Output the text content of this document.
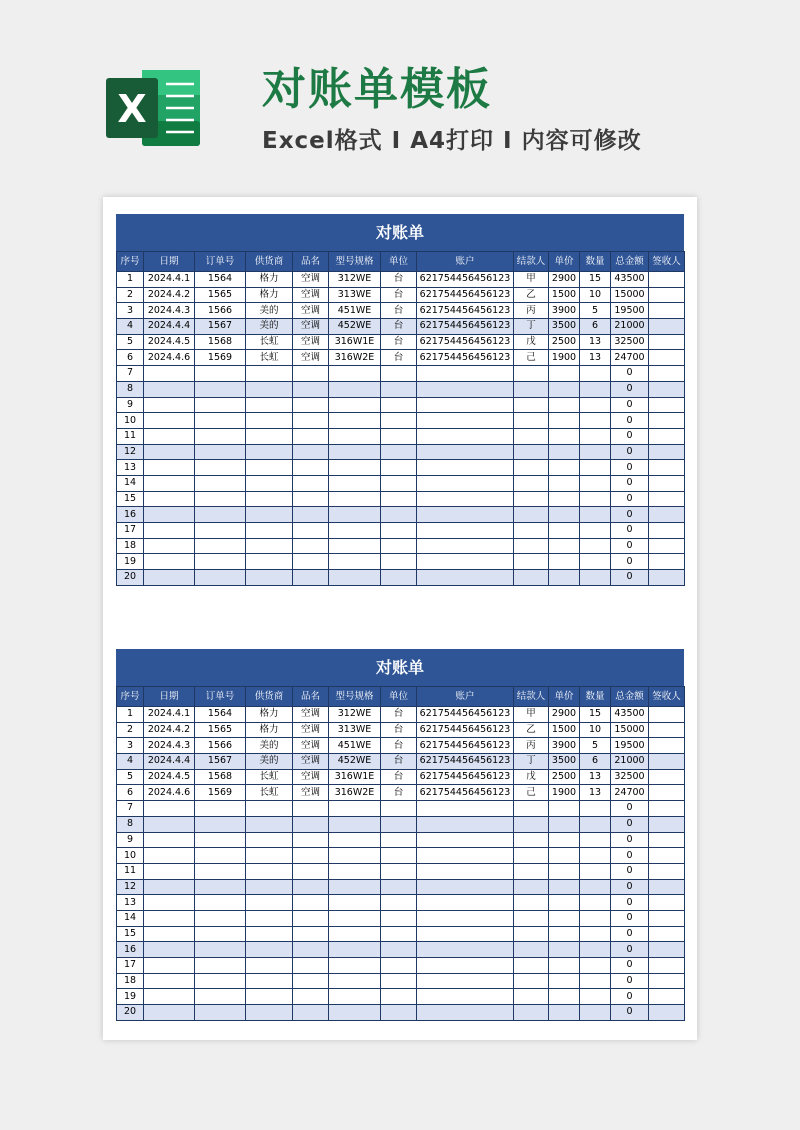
X	对账单模板

Excel格式 I A4打印 I 内容可修改

对账单
序号	日期	订单号	供货商	品名	型号规格	单位	账户	结款人	单价	数量	总金额	签收人
1	2024.4.1	1564	格力	空调	312WE	台	621754456456123	甲	2900	15	43500	
2	2024.4.2	1565	格力	空调	313WE	台	621754456456123	乙	1500	10	15000	
3	2024.4.3	1566	美的	空调	451WE	台	621754456456123	丙	3900	5	19500	
4	2024.4.4	1567	美的	空调	452WE	台	621754456456123	丁	3500	6	21000	
5	2024.4.5	1568	长虹	空调	316W1E	台	621754456456123	戊	2500	13	32500	
6	2024.4.6	1569	长虹	空调	316W2E	台	621754456456123	己	1900	13	24700	
7											0	
8											0	
9											0	
10											0	
11											0	
12											0	
13											0	
14											0	
15											0	
16											0	
17											0	
18											0	
19											0	
20											0	
对账单
序号	日期	订单号	供货商	品名	型号规格	单位	账户	结款人	单价	数量	总金额	签收人
1	2024.4.1	1564	格力	空调	312WE	台	621754456456123	甲	2900	15	43500	
2	2024.4.2	1565	格力	空调	313WE	台	621754456456123	乙	1500	10	15000	
3	2024.4.3	1566	美的	空调	451WE	台	621754456456123	丙	3900	5	19500	
4	2024.4.4	1567	美的	空调	452WE	台	621754456456123	丁	3500	6	21000	
5	2024.4.5	1568	长虹	空调	316W1E	台	621754456456123	戊	2500	13	32500	
6	2024.4.6	1569	长虹	空调	316W2E	台	621754456456123	己	1900	13	24700	
7											0	
8											0	
9											0	
10											0	
11											0	
12											0	
13											0	
14											0	
15											0	
16											0	
17											0	
18											0	
19											0	
20											0	
